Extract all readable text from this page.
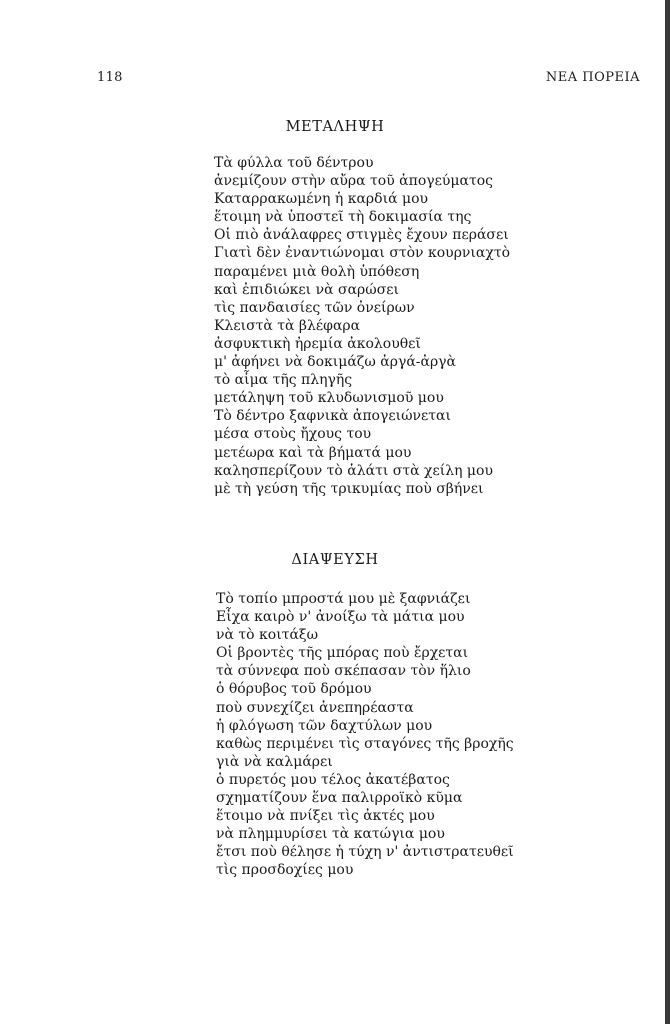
118	ΝΕΑ ΠΟΡΕΙΑ
ΜΕΤΑΛΗΨΗ
Τὰ φύλλα τοῦ δέντρου
ἀνεμίζουν στὴν αὔρα τοῦ ἀπογεύματος
Καταρρακωμένη ἡ καρδιά μου
ἕτοιμη νὰ ὑποστεῖ τὴ δοκιμασία της
Οἱ πιὸ ἀνάλαφρες στιγμὲς ἔχουν περάσει
Γιατὶ δὲν ἐναντιώνομαι στὸν κουρνιαχτὸ
παραμένει μιὰ θολὴ ὑπόθεση
καὶ ἐπιδιώκει νὰ σαρώσει
τὶς πανδαισίες τῶν ὀνείρων
Κλειστὰ τὰ βλέφαρα
ἀσφυκτικὴ ἠρεμία ἀκολουθεῖ
μ' ἀφήνει νὰ δοκιμάζω ἀργά-ἀργὰ
τὸ αἷμα τῆς πληγῆς
μετάληψη τοῦ κλυδωνισμοῦ μου
Τὸ δέντρο ξαφνικὰ ἀπογειώνεται
μέσα στοὺς ἤχους του
μετέωρα καὶ τὰ βήματά μου
καλησπερίζουν τὸ ἁλάτι στὰ χείλη μου
μὲ τὴ γεύση τῆς τρικυμίας ποὺ σβήνει
ΔΙΑΨΕΥΣΗ
Τὸ τοπίο μπροστά μου μὲ ξαφνιάζει
Εἶχα καιρὸ ν' ἀνοίξω τὰ μάτια μου
νὰ τὸ κοιτάξω
Οἱ βροντὲς τῆς μπόρας ποὺ ἔρχεται
τὰ σύννεφα ποὺ σκέπασαν τὸν ἥλιο
ὁ θόρυβος τοῦ δρόμου
ποὺ συνεχίζει ἀνεπηρέαστα
ἡ φλόγωση τῶν δαχτύλων μου
καθὼς περιμένει τὶς σταγόνες τῆς βροχῆς
γιὰ νὰ καλμάρει
ὁ πυρετός μου τέλος ἀκατέβατος
σχηματίζουν ἕνα παλιρροϊκὸ κῦμα
ἕτοιμο νὰ πνίξει τὶς ἀκτές μου
νὰ πλημμυρίσει τὰ κατώγια μου
ἔτσι ποὺ θέλησε ἡ τύχη ν' ἀντιστρατευθεῖ
τὶς προσδοχίες μου
